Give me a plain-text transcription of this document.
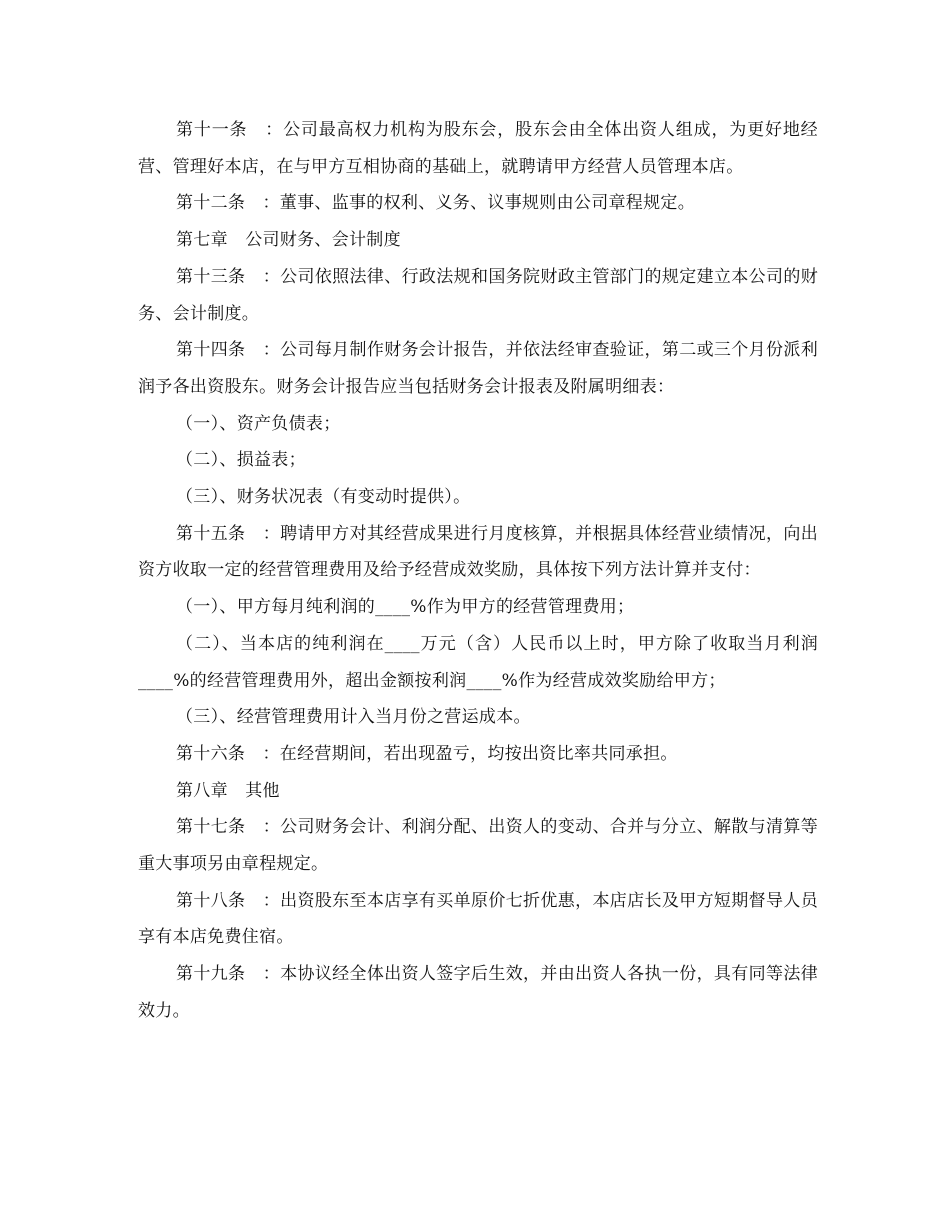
第十一条　：公司最高权力机构为股东会，股东会由全体出资人组成，为更好地经营、管理好本店，在与甲方互相协商的基础上，就聘请甲方经营人员管理本店。

第十二条　：董事、监事的权利、义务、议事规则由公司章程规定。

第七章　公司财务、会计制度

第十三条　：公司依照法律、行政法规和国务院财政主管部门的规定建立本公司的财务、会计制度。

第十四条　：公司每月制作财务会计报告，并依法经审查验证，第二或三个月份派利润予各出资股东。财务会计报告应当包括财务会计报表及附属明细表：

（一）、资产负债表；

（二）、损益表；

（三）、财务状况表（有变动时提供）。

第十五条　：聘请甲方对其经营成果进行月度核算，并根据具体经营业绩情况，向出资方收取一定的经营管理费用及给予经营成效奖励，具体按下列方法计算并支付：

（一）、甲方每月纯利润的____%作为甲方的经营管理费用；

（二）、当本店的纯利润在____万元（含）人民币以上时，甲方除了收取当月利润____%的经营管理费用外，超出金额按利润____%作为经营成效奖励给甲方；

（三）、经营管理费用计入当月份之营运成本。

第十六条　：在经营期间，若出现盈亏，均按出资比率共同承担。

第八章　其他

第十七条　：公司财务会计、利润分配、出资人的变动、合并与分立、解散与清算等重大事项另由章程规定。

第十八条　：出资股东至本店享有买单原价七折优惠，本店店长及甲方短期督导人员享有本店免费住宿。

第十九条　：本协议经全体出资人签字后生效，并由出资人各执一份，具有同等法律效力。
